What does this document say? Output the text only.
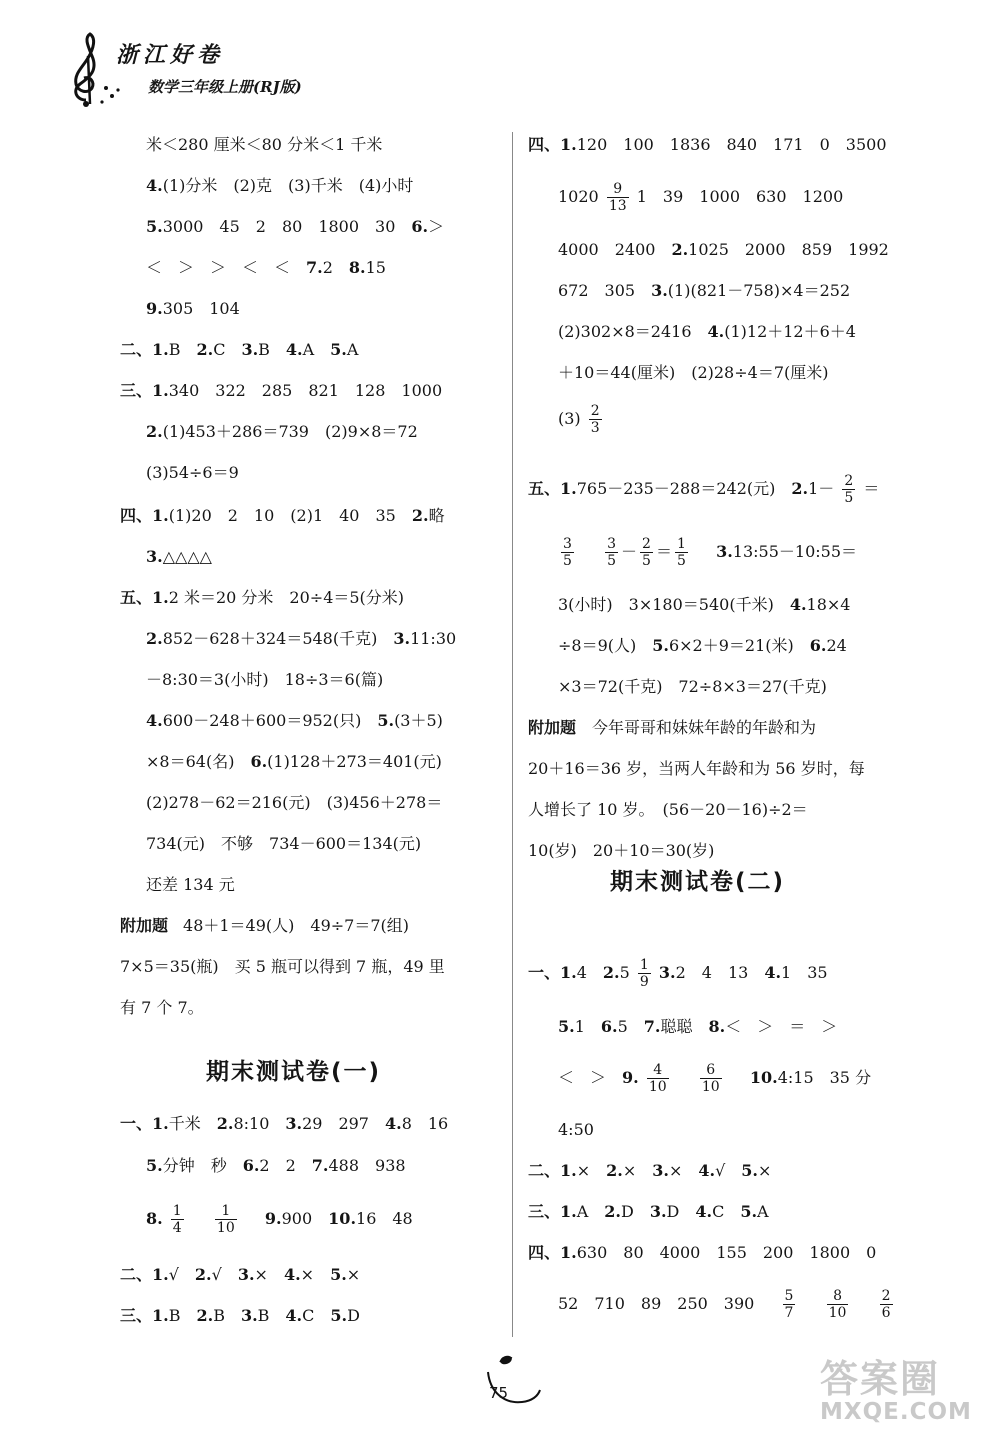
浙江好卷
数学三年级上册(RJ版)
米＜280 厘米＜80 分米＜1 千米
4.(1)分米　(2)克　(3)千米　(4)小时
5.3000　45　2　80　1800　30　6.＞
＜　＞　＞　＜　＜　7.2　8.15
9.305　104
二、1.B　2.C　3.B　4.A　5.A
三、1.340　322　285　821　128　1000
2.(1)453＋286＝739　(2)9×8＝72
(3)54÷6＝9
四、1.(1)20　2　10　(2)1　40　35　2.略
3.△△△△
五、1.2 米＝20 分米　20÷4＝5(分米)
2.852－628＋324＝548(千克)　3.11:30
－8:30＝3(小时)　18÷3＝6(篇)
4.600－248＋600＝952(只)　5.(3＋5)
×8＝64(名)　6.(1)128＋273＝401(元)
(2)278－62＝216(元)　(3)456＋278＝
734(元)　不够　734－600＝134(元)
还差 134 元
附加题 48＋1＝49(人)　49÷7＝7(组)
7×5＝35(瓶)　买 5 瓶可以得到 7 瓶，49 里
有 7 个 7。
期末测试卷(一)
一、1.千米　2.8:10　3.29　297　4.8　16
5.分钟　秒　6.2　2　7.488　938
8. $\frac{1}{4}$
$\frac{1}{10} 9.900$　10.16　48
二、1.√　2.√　3.×　4.×　5.×
三、1.B　2.B　3.B　4.C　5.D
四、1.120　100　1836　840　171　0　3500
$1020 \frac{9}{13} 1$　39　1000　630　1200
4000　2400　2.1025　2000　859　1992
672　305　3.(1)(821－758)×4＝252
(2)302×8＝2416　4.(1)12＋12＋6＋4
＋10＝44(厘米)　(2)28÷4＝7(厘米)
$(3) \frac{2}{3}$
五、1.765－235－288＝242(元)　$2.1- \frac{2}{5}$ ＝
$\frac{3}{5}$
$\frac{3}{5} - \frac{2}{5} = \frac{1}{5}$ 3.13:55－10:55＝
3(小时)　3×180＝540(千米)　4.18×4
÷8＝9(人)　5.6×2＋9＝21(米)　6.24
×3＝72(千克)　72÷8×3＝27(千克)
附加题　今年哥哥和妹妹年龄的年龄和为
20＋16＝36 岁，当两人年龄和为 56 岁时，每
人增长了 10 岁。　(56－20－16)÷2＝
10(岁)　20＋10＝30(岁)
期末测试卷(二)
一、1.4　$2.5 \frac{1}{9} 3.2$　4　13　4.1　35
5.1　6.5　7.聪聪　8.＜　＞　＝　＞
＜　＞　9. $\frac{4}{10}$
$\frac{6}{10}$ 10.4:15　35 分
4:50
二、1.×　2.×　3.×　4.√　5.×
三、1.A　2.D　3.D　4.C　5.A
四、1.630　80　4000　155　200　1800　0
52　710　89　250　$390 \frac{5}{7}$
$\frac{8}{10}$
$\frac{2}{6}$
75	答案圈
MXQE.COM
